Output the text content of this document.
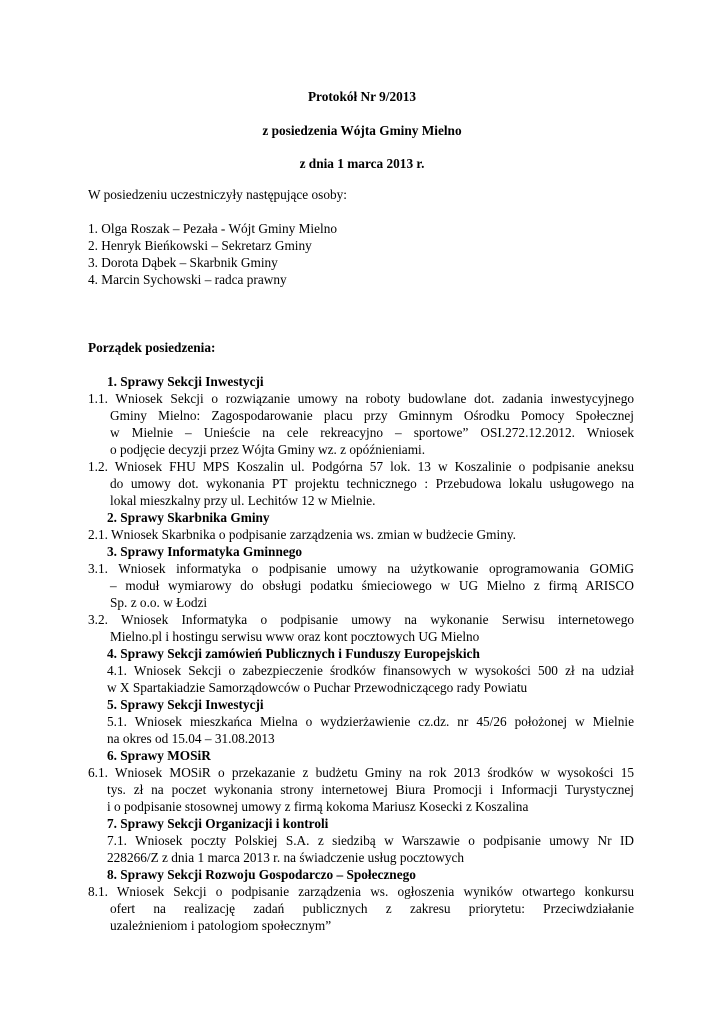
Protokół Nr 9/2013
z posiedzenia Wójta Gminy Mielno
z dnia 1 marca 2013 r.
W posiedzeniu uczestniczyły następujące osoby:
1. Olga Roszak – Pezała - Wójt Gminy Mielno
2. Henryk Bieńkowski – Sekretarz Gminy
3. Dorota Dąbek – Skarbnik Gminy
4. Marcin Sychowski – radca prawny
Porządek posiedzenia:
1. Sprawy Sekcji Inwestycji
1.1. Wniosek Sekcji o rozwiązanie umowy na roboty budowlane dot. zadania inwestycyjnego
Gminy Mielno: Zagospodarowanie placu przy Gminnym Ośrodku Pomocy Społecznej
w Mielnie – Unieście na cele rekreacyjno – sportowe” OSI.272.12.2012. Wniosek
o podjęcie decyzji przez Wójta Gminy wz. z opóźnieniami.
1.2. Wniosek FHU MPS Koszalin ul. Podgórna 57 lok. 13 w Koszalinie o podpisanie aneksu
do umowy dot. wykonania PT projektu technicznego : Przebudowa lokalu usługowego na
lokal mieszkalny przy ul. Lechitów 12 w Mielnie.
2. Sprawy Skarbnika Gminy
2.1. Wniosek Skarbnika o podpisanie zarządzenia ws. zmian w budżecie Gminy.
3. Sprawy Informatyka Gminnego
3.1. Wniosek informatyka o podpisanie umowy na użytkowanie oprogramowania GOMiG
– moduł wymiarowy do obsługi podatku śmieciowego w UG Mielno z firmą ARISCO
Sp. z o.o. w Łodzi
3.2. Wniosek Informatyka o podpisanie umowy na wykonanie Serwisu internetowego
Mielno.pl i hostingu serwisu www oraz kont pocztowych UG Mielno
4. Sprawy Sekcji zamówień Publicznych i Funduszy Europejskich
4.1. Wniosek Sekcji o zabezpieczenie środków finansowych w wysokości 500 zł na udział
w X Spartakiadzie Samorządowców o Puchar Przewodniczącego rady Powiatu
5. Sprawy Sekcji Inwestycji
5.1. Wniosek mieszkańca Mielna o wydzierżawienie cz.dz. nr 45/26 położonej w Mielnie
na okres od 15.04 – 31.08.2013
6. Sprawy MOSiR
6.1. Wniosek MOSiR o przekazanie z budżetu Gminy na rok 2013 środków w wysokości 15
tys. zł na poczet wykonania strony internetowej Biura Promocji i Informacji Turystycznej
i o podpisanie stosownej umowy z firmą kokoma Mariusz Kosecki z Koszalina
7. Sprawy Sekcji Organizacji i kontroli
7.1. Wniosek poczty Polskiej S.A. z siedzibą w Warszawie o podpisanie umowy Nr ID
228266/Z z dnia 1 marca 2013 r. na świadczenie usług pocztowych
8. Sprawy Sekcji Rozwoju Gospodarczo – Społecznego
8.1. Wniosek Sekcji o podpisanie zarządzenia ws. ogłoszenia wyników otwartego konkursu
ofert na realizację zadań publicznych z zakresu priorytetu: Przeciwdziałanie
uzależnieniom i patologiom społecznym”
